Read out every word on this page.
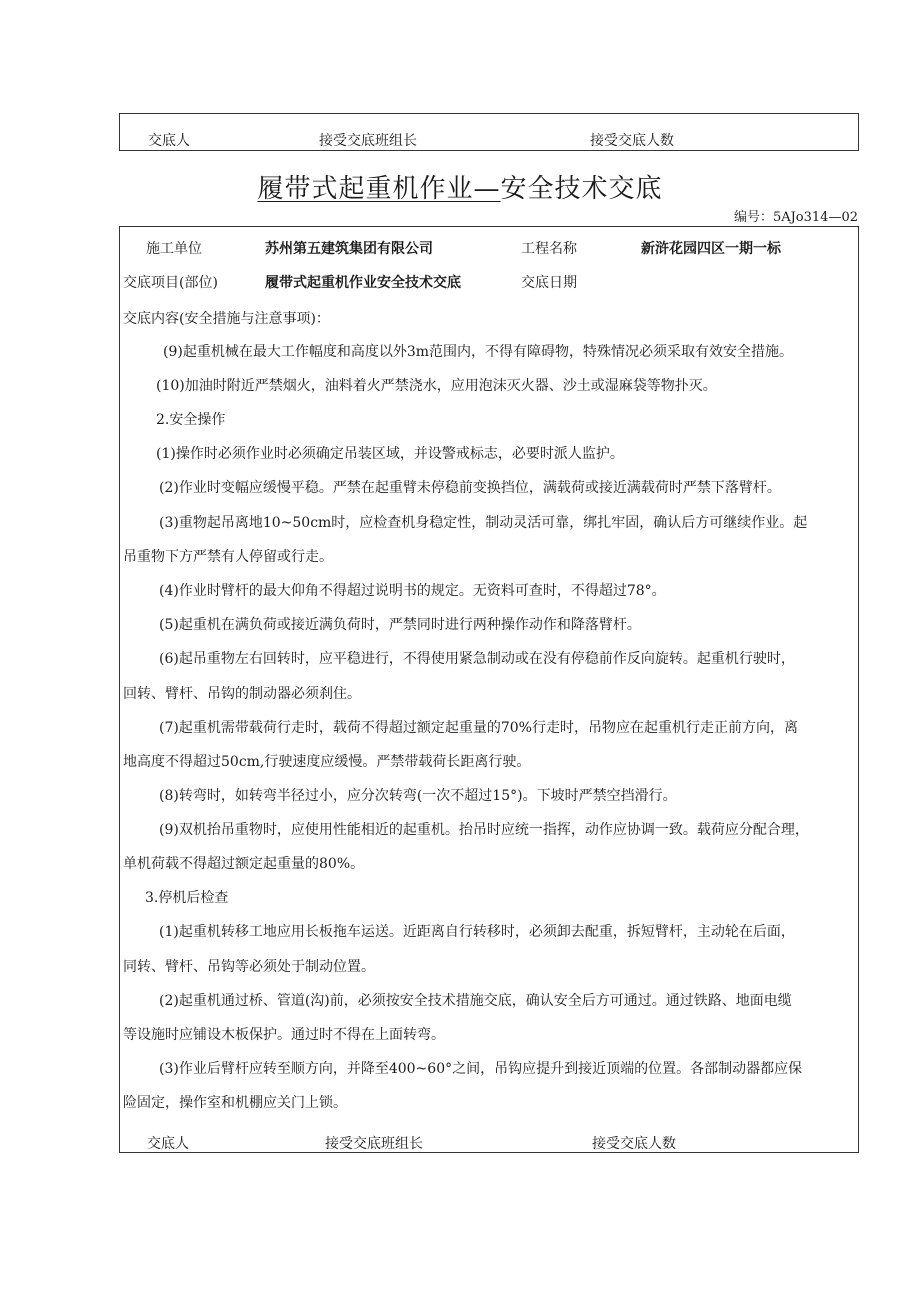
交底人	接受交底班组长	接受交底人数
履带式起重机作业—安全技术交底
编号：5AJo314—02
施工单位	苏州第五建筑集团有限公司	工程名称	新浒花园四区一期一标
交底项目(部位)	履带式起重机作业安全技术交底	交底日期
交底内容(安全措施与注意事项)：
(9)起重机械在最大工作幅度和高度以外3m范围内，不得有障碍物，特殊情况必须采取有效安全措施。
(10)加油时附近严禁烟火，油料着火严禁浇水，应用泡沫灭火器、沙土或湿麻袋等物扑灭。
2.安全操作
(1)操作时必须作业时必须确定吊装区域，并设警戒标志，必要时派人监护。
(2)作业时变幅应缓慢平稳。严禁在起重臂未停稳前变换挡位，满载荷或接近满载荷时严禁下落臂杆。
(3)重物起吊离地10~50cm时，应检查机身稳定性，制动灵活可靠，绑扎牢固，确认后方可继续作业。起
吊重物下方严禁有人停留或行走。
(4)作业时臂杆的最大仰角不得超过说明书的规定。无资料可查时，不得超过78°。
(5)起重机在满负荷或接近满负荷时，严禁同时进行两种操作动作和降落臂杆。
(6)起吊重物左右回转时，应平稳进行，不得使用紧急制动或在没有停稳前作反向旋转。起重机行驶时，
回转、臂杆、吊钩的制动器必须刹住。
(7)起重机需带载荷行走时，载荷不得超过额定起重量的70%行走时，吊物应在起重机行走正前方向，离
地高度不得超过50cm,行驶速度应缓慢。严禁带载荷长距离行驶。
(8)转弯时，如转弯半径过小，应分次转弯(一次不超过15°)。下坡时严禁空挡滑行。
(9)双机抬吊重物时，应使用性能相近的起重机。抬吊时应统一指挥，动作应协调一致。载荷应分配合理，
单机荷载不得超过额定起重量的80%。
3.停机后检查
(1)起重机转移工地应用长板拖车运送。近距离自行转移时，必须卸去配重，拆短臂杆，主动轮在后面，
同转、臂杆、吊钩等必须处于制动位置。
(2)起重机通过桥、管道(沟)前，必须按安全技术措施交底，确认安全后方可通过。通过铁路、地面电缆
等设施时应铺设木板保护。通过时不得在上面转弯。
(3)作业后臂杆应转至顺方向，并降至400~60°之间，吊钩应提升到接近顶端的位置。各部制动器都应保
险固定，操作室和机棚应关门上锁。
交底人	接受交底班组长	接受交底人数
